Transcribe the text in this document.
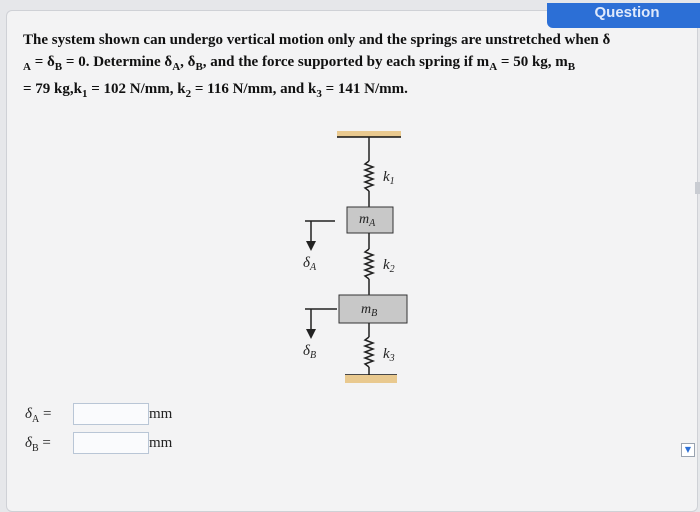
Question
The system shown can undergo vertical motion only and the springs are unstretched when δ
$_A = \delta_B = 0$. Determine $\delta_A$, $\delta_B$, and the force supported by each spring if $m_A = 50$ kg, $m_B$
= 79 $kg,k_1 = 102$ N/mm, $k_2 = 116$ N/mm, and $k_3 = 141$ N/mm.
$m_A$
$m_B$
$k_1$
$k_2$
$k_3$
$\delta_A$
$\delta_B$
$\delta_A$ =	mm
$\delta_B$ =	mm	▼
